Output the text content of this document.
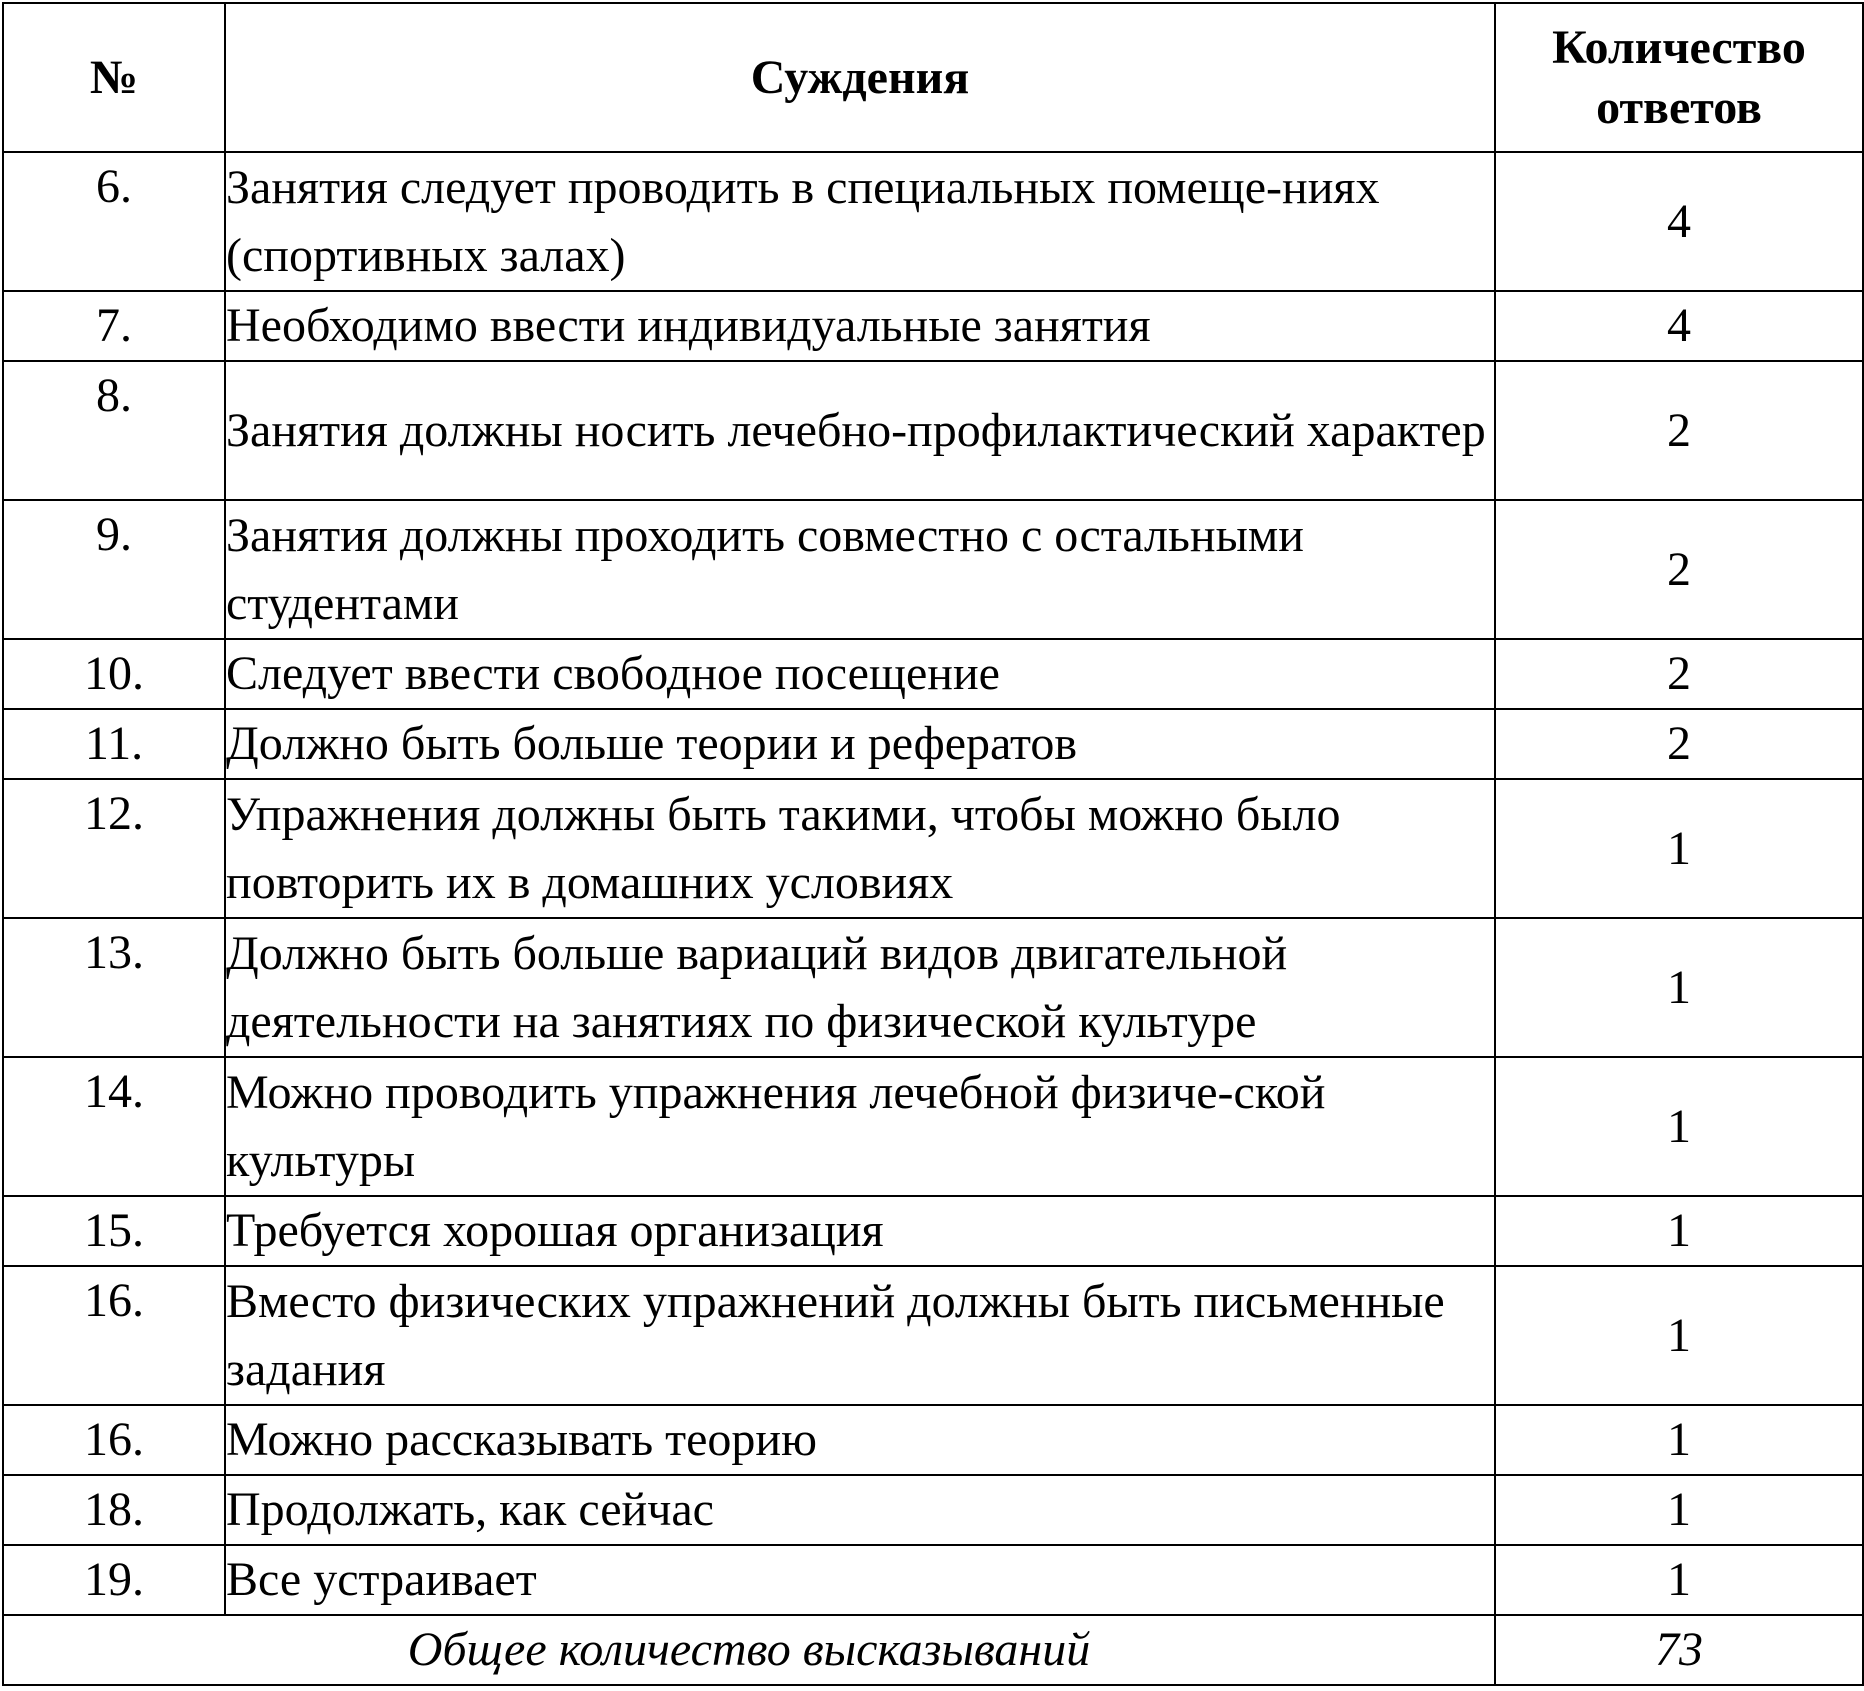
№	Суждения	Количество ответов
6.	Занятия следует проводить в специальных помеще-ниях (спортивных залах)	4
7.	Необходимо ввести индивидуальные занятия	4
8.	Занятия должны носить лечебно-профилактический характер	2
9.	Занятия должны проходить совместно с остальными студентами	2
10.	Следует ввести свободное посещение	2
11.	Должно быть больше теории и рефератов	2
12.	Упражнения должны быть такими, чтобы можно было повторить их в домашних условиях	1
13.	Должно быть больше вариаций видов двигательной деятельности на занятиях по физической культуре	1
14.	Можно проводить упражнения лечебной физиче-ской культуры	1
15.	Требуется хорошая организация	1
16.	Вместо физических упражнений должны быть письменные задания	1
16.	Можно рассказывать теорию	1
18.	Продолжать, как сейчас	1
19.	Все устраивает	1
Общее количество высказываний		73
